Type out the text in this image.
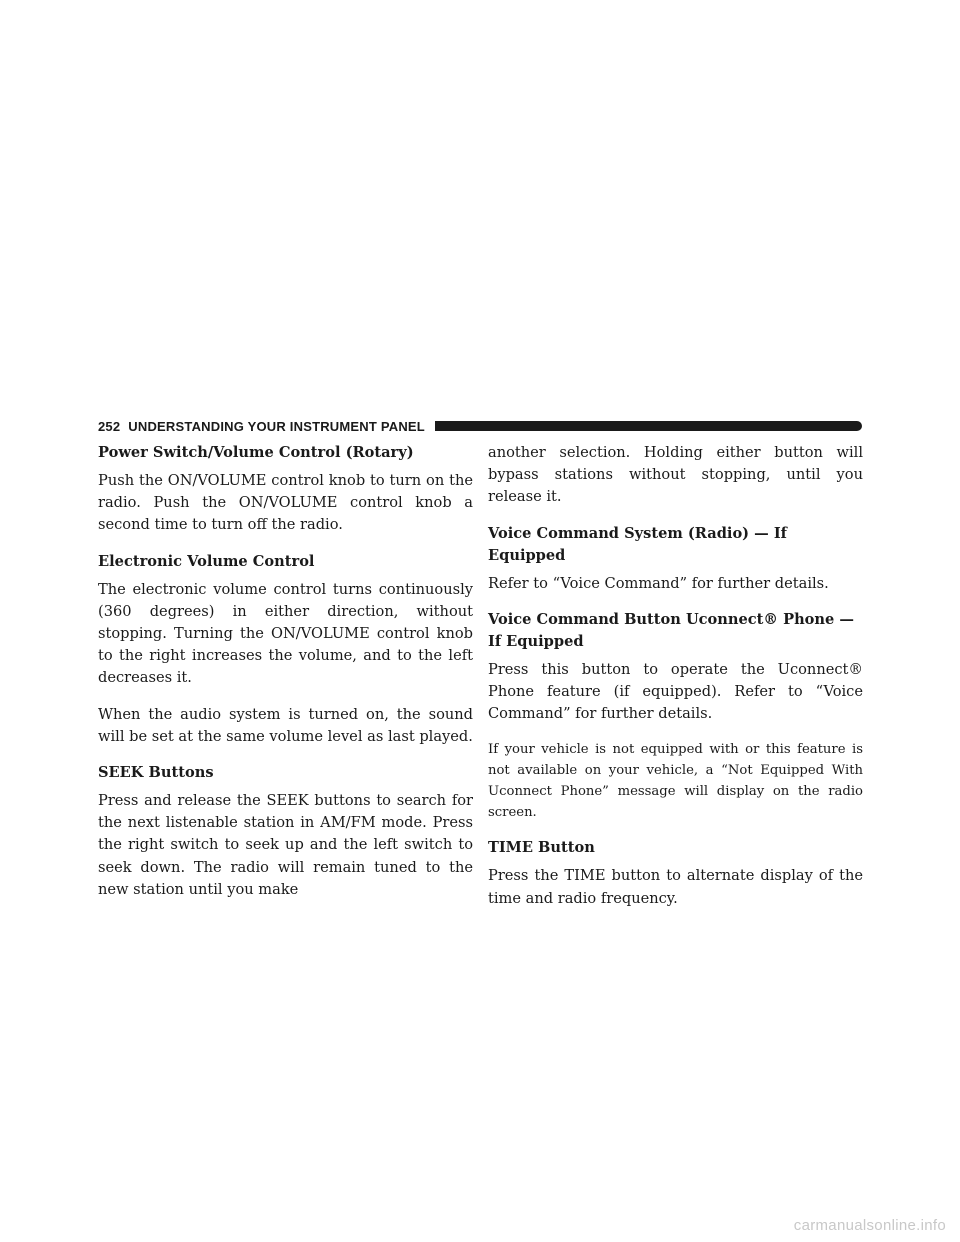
252 UNDERSTANDING YOUR INSTRUMENT PANEL
Power Switch/Volume Control (Rotary)

Push the ON/VOLUME control knob to turn on the radio. Push the ON/VOLUME control knob a second time to turn off the radio.

Electronic Volume Control

The electronic volume control turns continuously (360 degrees) in either direction, without stopping. Turning the ON/VOLUME control knob to the right increases the volume, and to the left decreases it.

When the audio system is turned on, the sound will be set at the same volume level as last played.

SEEK Buttons

Press and release the SEEK buttons to search for the next listenable station in AM/FM mode. Press the right switch to seek up and the left switch to seek down. The radio will remain tuned to the new station until you make

another selection. Holding either button will bypass stations without stopping, until you release it.

Voice Command System (Radio) — If Equipped

Refer to “Voice Command” for further details.

Voice Command Button Uconnect® Phone —
If Equipped

Press this button to operate the Uconnect® Phone feature (if equipped). Refer to “Voice Command” for further details.

If your vehicle is not equipped with or this feature is not available on your vehicle, a “Not Equipped With Uconnect Phone” message will display on the radio screen.

TIME Button

Press the TIME button to alternate display of the time and radio frequency.

carmanualsonline.info
